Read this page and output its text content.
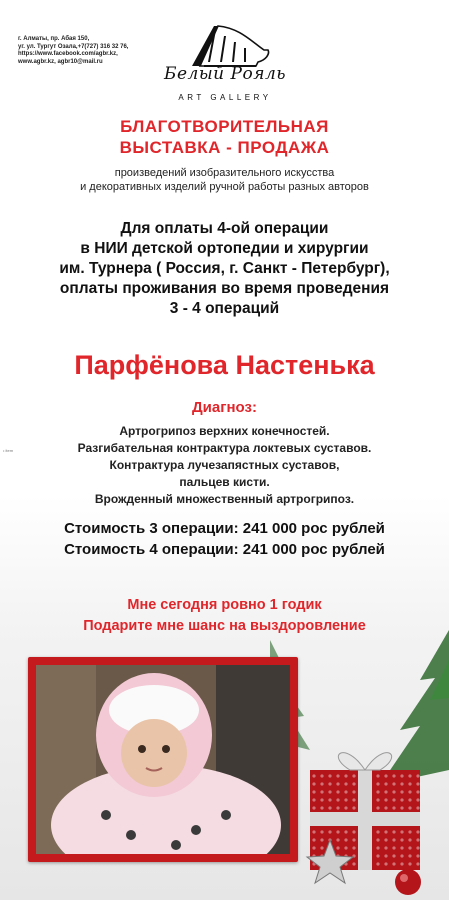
г. Алматы, пр. Абая 150,
уг. ул. Тургут Озала,+7(727) 316 32 76,
https://www.facebook.com/agbr.kz,
www.agbr.kz, agbr10@mail.ru
Белый Рояль
ART GALLERY
• item
БЛАГОТВОРИТЕЛЬНАЯ
ВЫСТАВКА - ПРОДАЖА
произведений изобразительного искусства
и декоративных изделий ручной работы разных авторов
Для оплаты 4-ой операции
в НИИ детской ортопедии и хирургии
им. Турнера ( Россия, г. Санкт - Петербург),
оплаты проживания во время проведения
3 - 4 операций
Парфёнова Настенька
Диагноз:
Артрогрипоз верхних конечностей.
Разгибательная контрактура локтевых суставов.
Контрактура лучезапястных суставов,
пальцев кисти.
Врожденный множественный артрогрипоз.
Стоимость 3 операции: 241 000 рос рублей
Стоимость 4 операции: 241 000 рос рублей
Мне сегодня ровно 1 годик
Подарите мне шанс на выздоровление
